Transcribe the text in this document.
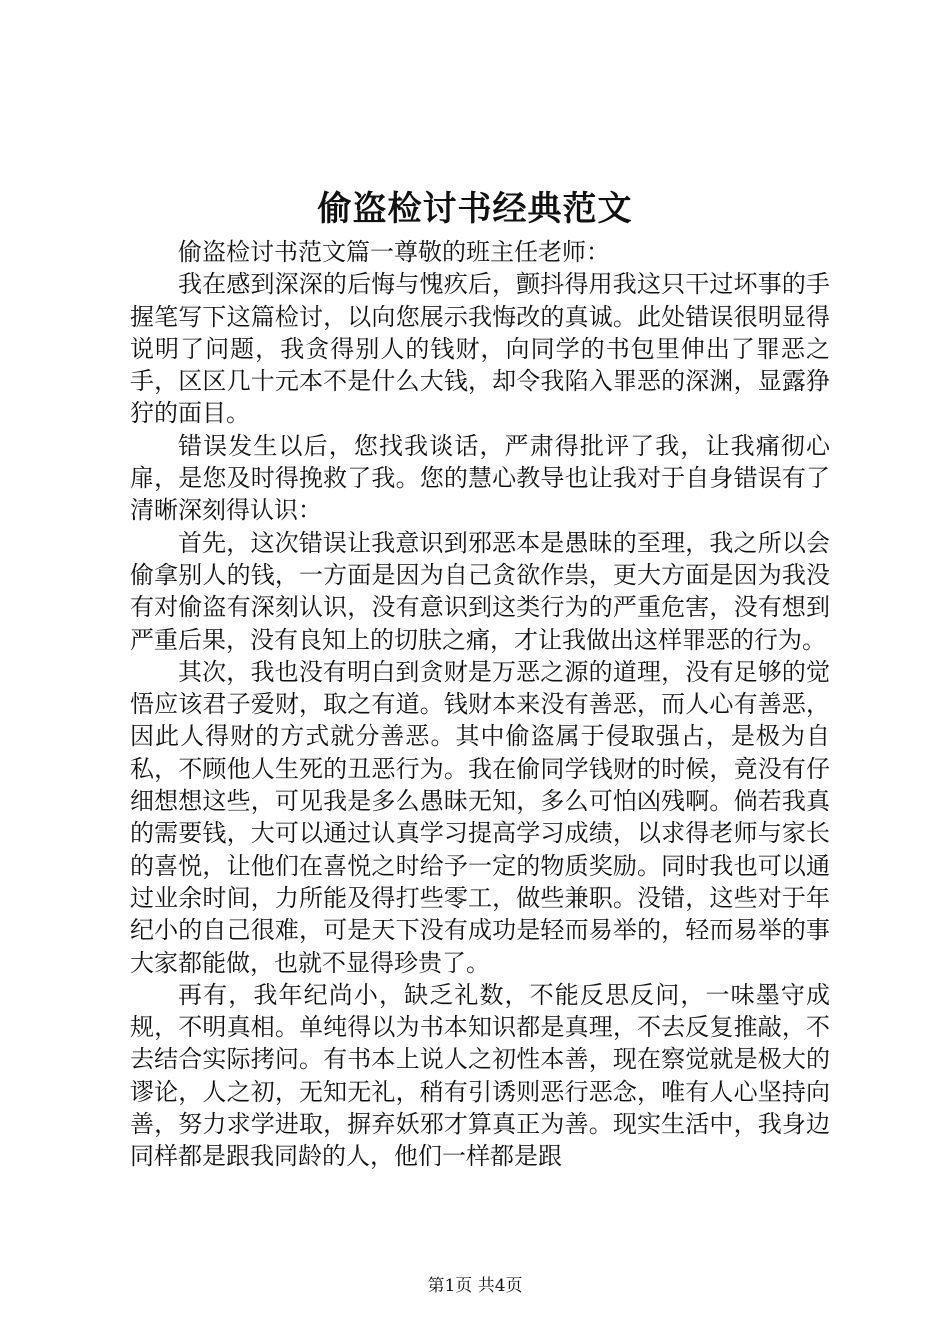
偷盗检讨书经典范文

偷盗检讨书范文篇一尊敬的班主任老师：

我在感到深深的后悔与愧疚后，颤抖得用我这只干过坏事的手握笔写下这篇检讨，以向您展示我悔改的真诚。此处错误很明显得说明了问题，我贪得别人的钱财，向同学的书包里伸出了罪恶之手，区区几十元本不是什么大钱，却令我陷入罪恶的深渊，显露狰狞的面目。

错误发生以后，您找我谈话，严肃得批评了我，让我痛彻心扉，是您及时得挽救了我。您的慧心教导也让我对于自身错误有了清晰深刻得认识：

首先，这次错误让我意识到邪恶本是愚昧的至理，我之所以会偷拿别人的钱，一方面是因为自己贪欲作祟，更大方面是因为我没有对偷盗有深刻认识，没有意识到这类行为的严重危害，没有想到严重后果，没有良知上的切肤之痛，才让我做出这样罪恶的行为。

其次，我也没有明白到贪财是万恶之源的道理，没有足够的觉悟应该君子爱财，取之有道。钱财本来没有善恶，而人心有善恶，因此人得财的方式就分善恶。其中偷盗属于侵取强占，是极为自私，不顾他人生死的丑恶行为。我在偷同学钱财的时候，竟没有仔细想想这些，可见我是多么愚昧无知，多么可怕凶残啊。倘若我真的需要钱，大可以通过认真学习提高学习成绩，以求得老师与家长的喜悦，让他们在喜悦之时给予一定的物质奖励。同时我也可以通过业余时间，力所能及得打些零工，做些兼职。没错，这些对于年纪小的自己很难，可是天下没有成功是轻而易举的，轻而易举的事大家都能做，也就不显得珍贵了。

再有，我年纪尚小，缺乏礼数，不能反思反问，一味墨守成规，不明真相。单纯得以为书本知识都是真理，不去反复推敲，不去结合实际拷问。有书本上说人之初性本善，现在察觉就是极大的谬论，人之初，无知无礼，稍有引诱则恶行恶念，唯有人心坚持向善，努力求学进取，摒弃妖邪才算真正为善。现实生活中，我身边同样都是跟我同龄的人，他们一样都是跟

第1页 共4页
